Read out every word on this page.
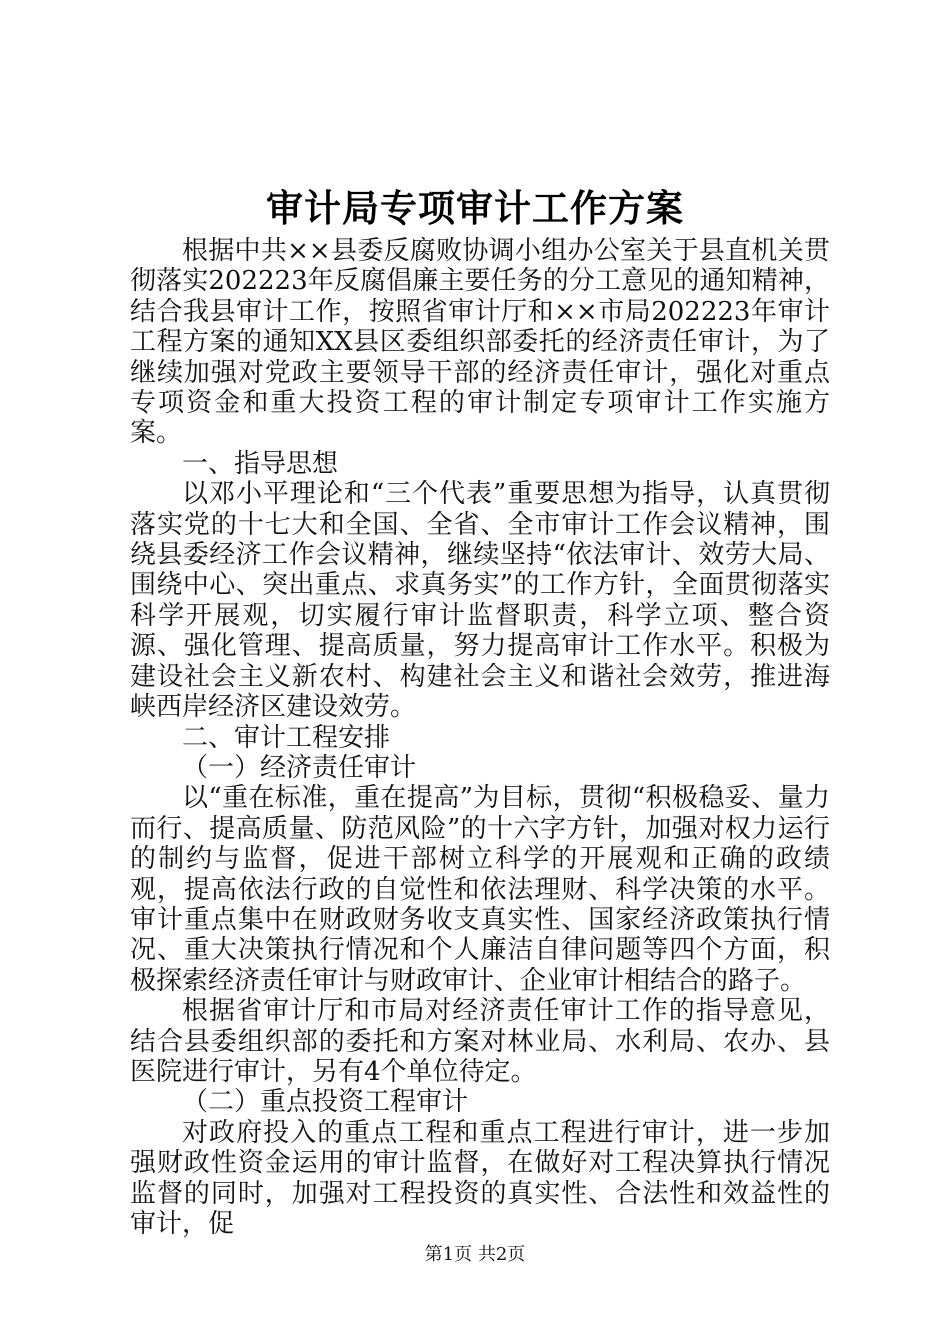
审计局专项审计工作方案

根据中共××县委反腐败协调小组办公室关于县直机关贯彻落实202223年反腐倡廉主要任务的分工意见的通知精神，结合我县审计工作，按照省审计厅和××市局202223年审计工程方案的通知XX县区委组织部委托的经济责任审计，为了继续加强对党政主要领导干部的经济责任审计，强化对重点专项资金和重大投资工程的审计制定专项审计工作实施方案。

一、指导思想

以邓小平理论和“三个代表”重要思想为指导，认真贯彻落实党的十七大和全国、全省、全市审计工作会议精神，围绕县委经济工作会议精神，继续坚持“依法审计、效劳大局、围绕中心、突出重点、求真务实”的工作方针，全面贯彻落实科学开展观，切实履行审计监督职责，科学立项、整合资源、强化管理、提高质量，努力提高审计工作水平。积极为建设社会主义新农村、构建社会主义和谐社会效劳，推进海峡西岸经济区建设效劳。

二、审计工程安排

（一）经济责任审计

以“重在标准，重在提高”为目标，贯彻“积极稳妥、量力而行、提高质量、防范风险”的十六字方针，加强对权力运行的制约与监督，促进干部树立科学的开展观和正确的政绩观，提高依法行政的自觉性和依法理财、科学决策的水平。审计重点集中在财政财务收支真实性、国家经济政策执行情况、重大决策执行情况和个人廉洁自律问题等四个方面，积极探索经济责任审计与财政审计、企业审计相结合的路子。

根据省审计厅和市局对经济责任审计工作的指导意见，结合县委组织部的委托和方案对林业局、水利局、农办、县医院进行审计，另有4个单位待定。

（二）重点投资工程审计

对政府投入的重点工程和重点工程进行审计，进一步加强财政性资金运用的审计监督，在做好对工程决算执行情况监督的同时，加强对工程投资的真实性、合法性和效益性的审计，促

第1页 共2页
